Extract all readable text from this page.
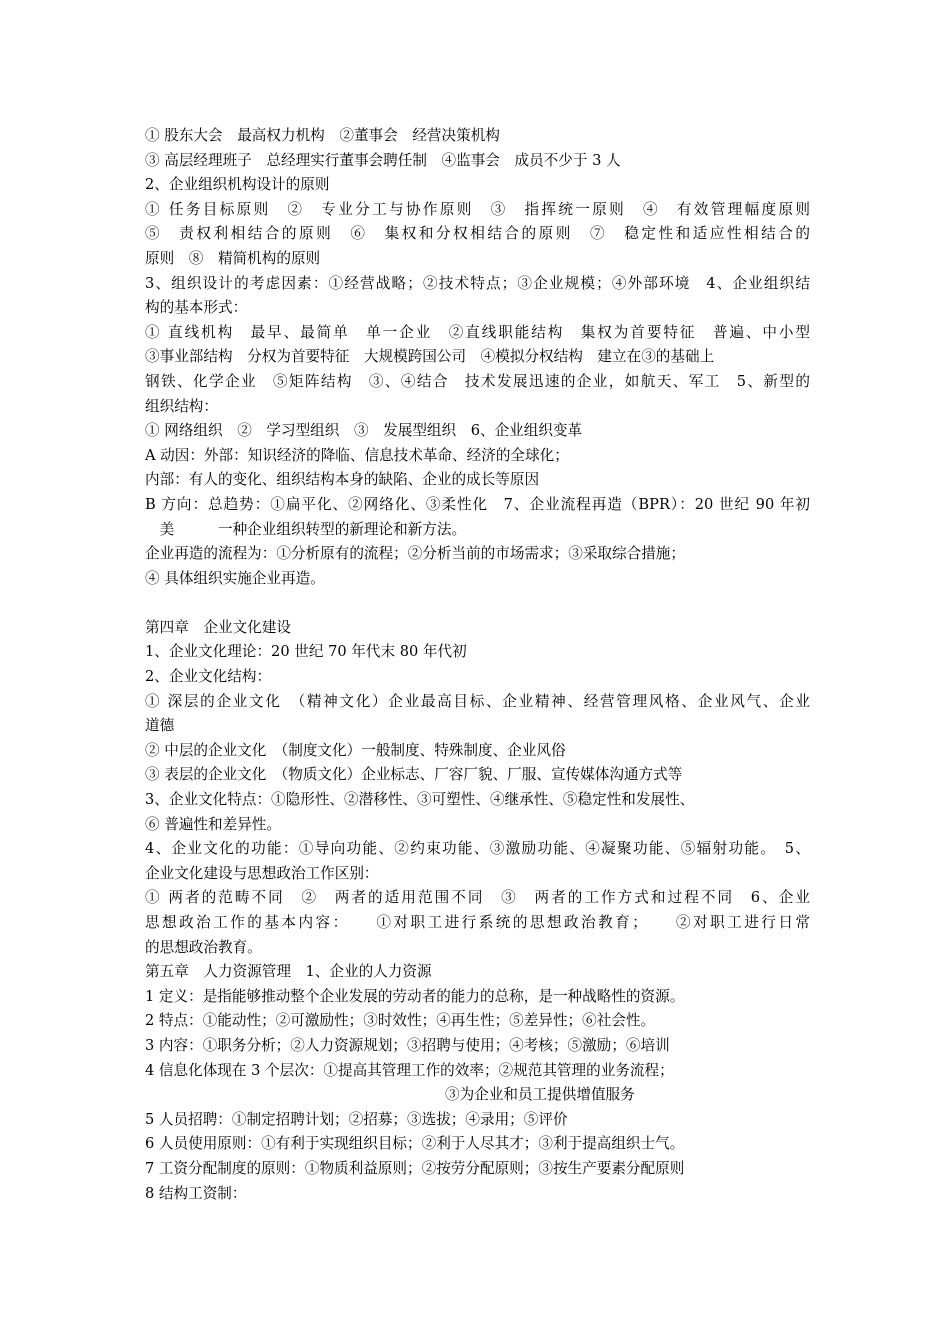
① 股东大会　最高权力机构　②董事会　经营决策机构
③ 高层经理班子　总经理实行董事会聘任制　④监事会　成员不少于 3 人
2、企业组织机构设计的原则
① 任务目标原则　②　专业分工与协作原则　③　指挥统一原则　④　有效管理幅度原则
⑤　责权利相结合的原则　⑥　集权和分权相结合的原则　⑦　稳定性和适应性相结合的
原则　⑧　精简机构的原则
3、组织设计的考虑因素：①经营战略；②技术特点；③企业规模；④外部环境　4、企业组织结
构的基本形式：
① 直线机构　最早、最简单　单一企业　②直线职能结构　集权为首要特征　普遍、中小型
③事业部结构　分权为首要特征　大规模跨国公司　④模拟分权结构　建立在③的基础上
钢铁、化学企业　⑤矩阵结构　③、④结合　技术发展迅速的企业，如航天、军工　5、新型的
组织结构：
① 网络组织　②　学习型组织　③　发展型组织　6、企业组织变革
A 动因：外部：知识经济的降临、信息技术革命、经济的全球化；
内部：有人的变化、组织结构本身的缺陷、企业的成长等原因
B 方向：总趋势：①扁平化、②网络化、③柔性化　7、企业流程再造（BPR）：20 世纪 90 年初
　美　　　一种企业组织转型的新理论和新方法。
企业再造的流程为：①分析原有的流程；②分析当前的市场需求；③采取综合措施；
④ 具体组织实施企业再造。
第四章　企业文化建设
1、企业文化理论：20 世纪 70 年代末 80 年代初
2、企业文化结构：
① 深层的企业文化　（精神文化）企业最高目标、企业精神、经营管理风格、企业风气、企业
道德
② 中层的企业文化　（制度文化）一般制度、特殊制度、企业风俗
③ 表层的企业文化　（物质文化）企业标志、厂容厂貌、厂服、宣传媒体沟通方式等
3、企业文化特点：①隐形性、②潜移性、③可塑性、④继承性、⑤稳定性和发展性、
⑥ 普遍性和差异性。
4、企业文化的功能：①导向功能、②约束功能、③激励功能、④凝聚功能、⑤辐射功能。　5、
企业文化建设与思想政治工作区别：
① 两者的范畴不同　②　两者的适用范围不同　③　两者的工作方式和过程不同　6、企业
思想政治工作的基本内容：　　①对职工进行系统的思想政治教育；　　②对职工进行日常
的思想政治教育。
第五章　人力资源管理　1、企业的人力资源
1 定义：是指能够推动整个企业发展的劳动者的能力的总称，是一种战略性的资源。
2 特点：①能动性；②可激励性；③时效性；④再生性；⑤差异性；⑥社会性。
3 内容：①职务分析；②人力资源规划；③招聘与使用；④考核；⑤激励；⑥培训
4 信息化体现在 3 个层次：①提高其管理工作的效率；②规范其管理的业务流程；
③为企业和员工提供增值服务
5 人员招聘：①制定招聘计划；②招募；③选拔；④录用；⑤评价
6 人员使用原则：①有利于实现组织目标；②利于人尽其才；③利于提高组织士气。
7 工资分配制度的原则：①物质利益原则；②按劳分配原则；③按生产要素分配原则
8 结构工资制：
